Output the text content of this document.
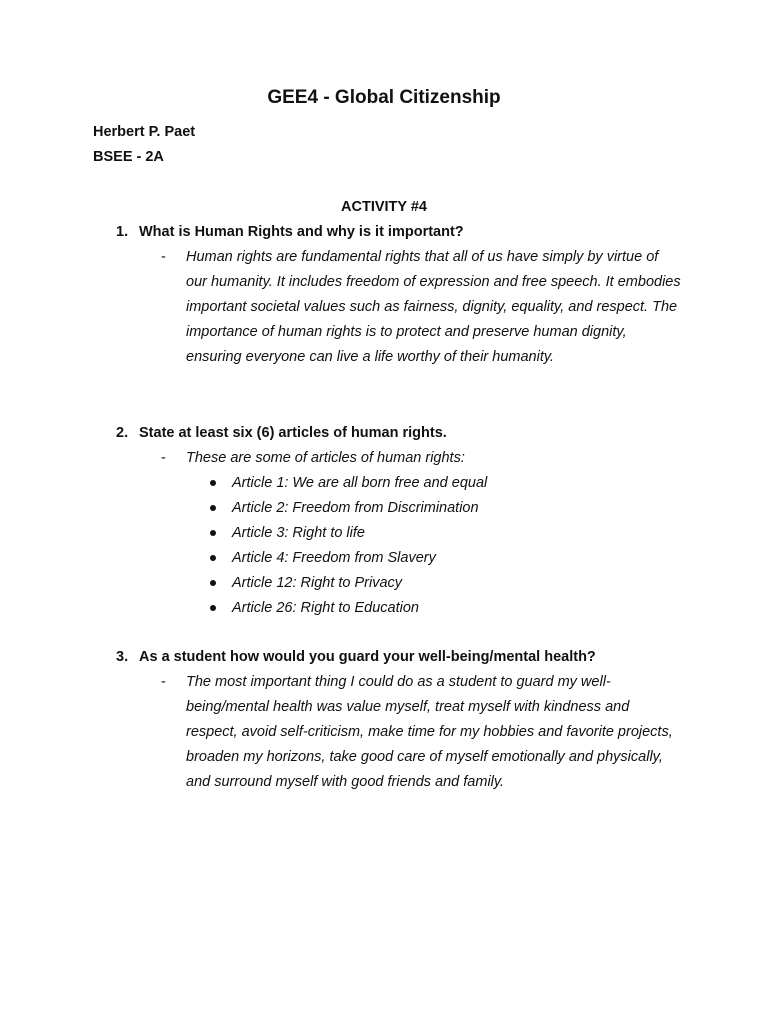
GEE4 - Global Citizenship

Herbert P. Paet

BSEE - 2A

ACTIVITY #4

1. What is Human Rights and why is it important?

- Human rights are fundamental rights that all of us have simply by virtue of our humanity. It includes freedom of expression and free speech. It embodies important societal values such as fairness, dignity, equality, and respect. The importance of human rights is to protect and preserve human dignity, ensuring everyone can live a life worthy of their humanity.

2. State at least six (6) articles of human rights.

- These are some of articles of human rights:
Article 1: We are all born free and equal
Article 2: Freedom from Discrimination
Article 3: Right to life
Article 4: Freedom from Slavery
Article 12: Right to Privacy
Article 26: Right to Education

3. As a student how would you guard your well-being/mental health?

- The most important thing I could do as a student to guard my well-being/mental health was value myself, treat myself with kindness and respect, avoid self-criticism, make time for my hobbies and favorite projects, broaden my horizons, take good care of myself emotionally and physically, and surround myself with good friends and family.
